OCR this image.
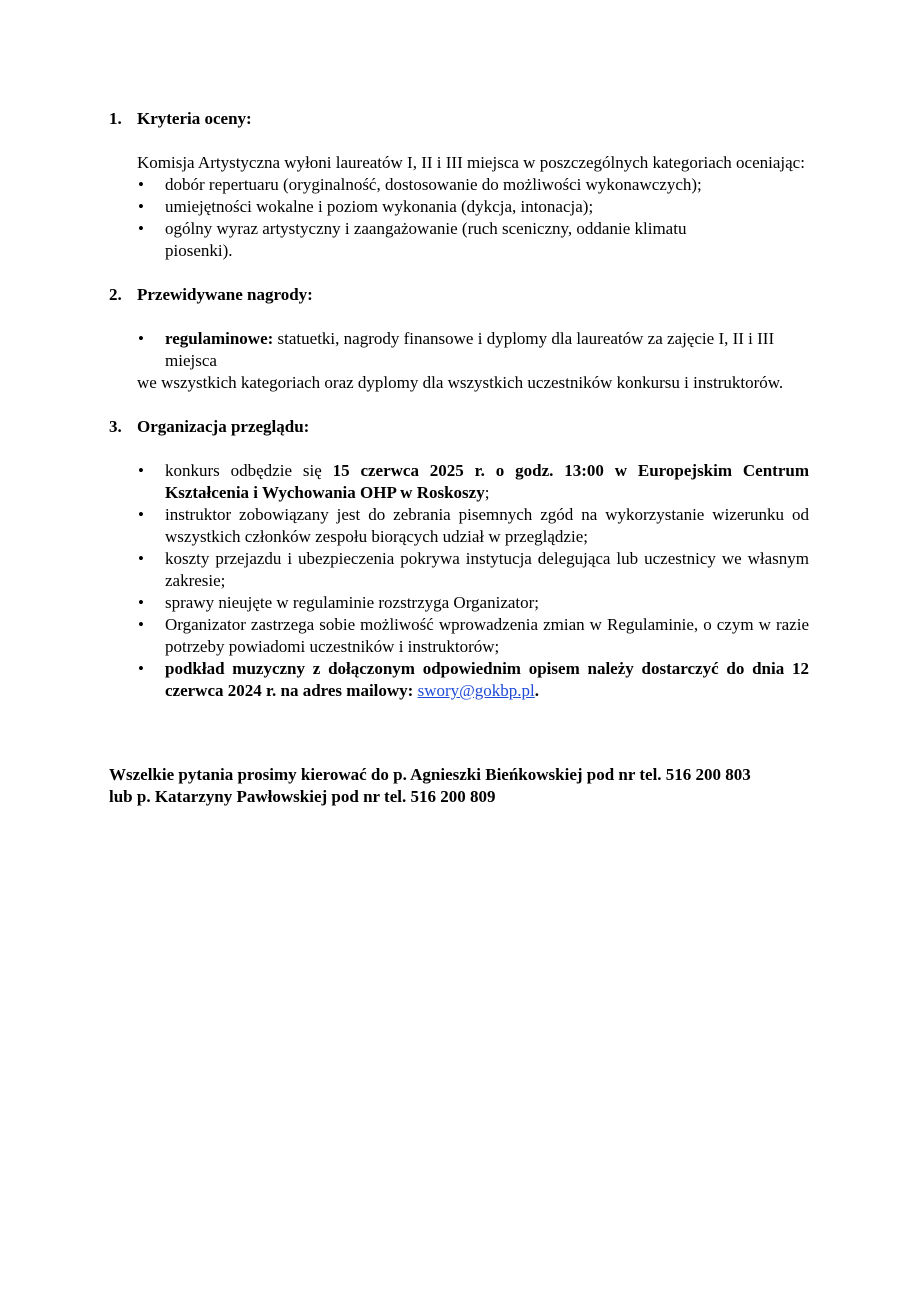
1. Kryteria oceny:

Komisja Artystyczna wyłoni laureatów I, II i III miejsca w poszczególnych kategoriach oceniając:

• dobór repertuaru (oryginalność, dostosowanie do możliwości wykonawczych);
• umiejętności wokalne i poziom wykonania (dykcja, intonacja);
• ogólny wyraz artystyczny i zaangażowanie (ruch sceniczny, oddanie klimatu piosenki).
2. Przewidywane nagrody:
• regulaminowe: statuetki, nagrody finansowe i dyplomy dla laureatów za zajęcie I, II i III miejsca

we wszystkich kategoriach oraz dyplomy dla wszystkich uczestników konkursu i instruktorów.

3. Organizacja przeglądu:
• konkurs odbędzie się 15 czerwca 2025 r. o godz. 13:00 w Europejskim Centrum Kształcenia i Wychowania OHP w Roskoszy;
• instruktor zobowiązany jest do zebrania pisemnych zgód na wykorzystanie wizerunku od wszystkich członków zespołu biorących udział w przeglądzie;
• koszty przejazdu i ubezpieczenia pokrywa instytucja delegująca lub uczestnicy we własnym zakresie;
• sprawy nieujęte w regulaminie rozstrzyga Organizator;
• Organizator zastrzega sobie możliwość wprowadzenia zmian w Regulaminie, o czym w razie potrzeby powiadomi uczestników i instruktorów;
• podkład muzyczny z dołączonym odpowiednim opisem należy dostarczyć do dnia 12 czerwca 2024 r. na adres mailowy: swory@gokbp.pl.

Wszelkie pytania prosimy kierować do p. Agnieszki Bieńkowskiej pod nr tel. 516 200 803

lub p. Katarzyny Pawłowskiej pod nr tel. 516 200 809
